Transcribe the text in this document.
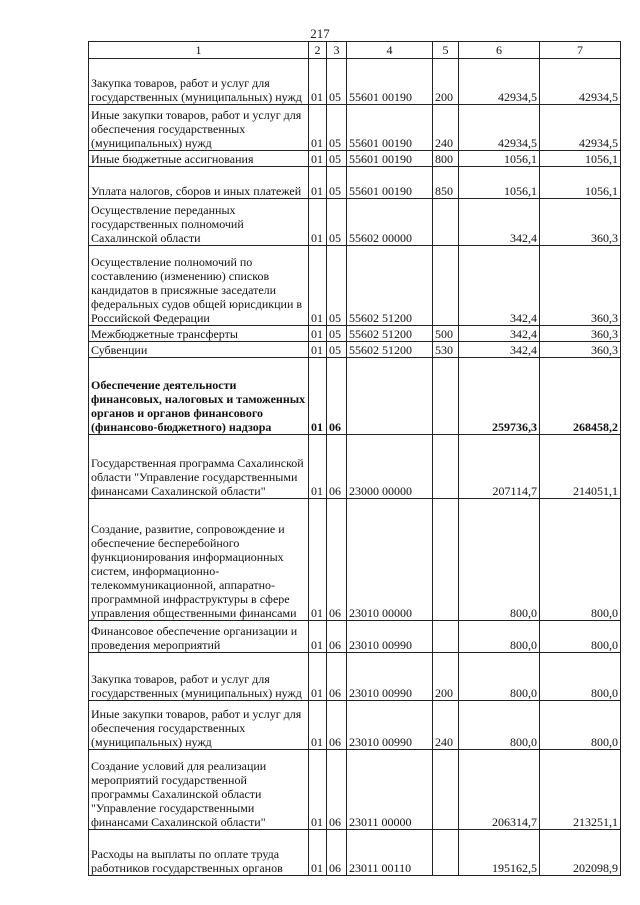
217
1	2	3	4	5	6	7
Закупка товаров, работ и услуг для государственных (муниципальных) нужд	01	05	55601 00190	200	42934,5	42934,5
Иные закупки товаров, работ и услуг для обеспечения государственных (муниципальных) нужд	01	05	55601 00190	240	42934,5	42934,5
Иные бюджетные ассигнования	01	05	55601 00190	800	1056,1	1056,1
Уплата налогов, сборов и иных платежей	01	05	55601 00190	850	1056,1	1056,1
Осуществление переданных государственных полномочий Сахалинской области	01	05	55602 00000		342,4	360,3
Осуществление полномочий по составлению (изменению) списков кандидатов в присяжные заседатели федеральных судов общей юрисдикции в Российской Федерации	01	05	55602 51200		342,4	360,3
Межбюджетные трансферты	01	05	55602 51200	500	342,4	360,3
Субвенции	01	05	55602 51200	530	342,4	360,3
Обеспечение деятельности финансовых, налоговых и таможенных органов и органов финансового (финансово-бюджетного) надзора	01	06			259736,3	268458,2
Государственная программа Сахалинской области "Управление государственными финансами Сахалинской области"	01	06	23000 00000		207114,7	214051,1
Создание, развитие, сопровождение и обеспечение бесперебойного функционирования информационных систем, информационно-телекоммуникационной, аппаратно-программной инфраструктуры в сфере управления общественными финансами	01	06	23010 00000		800,0	800,0
Финансовое обеспечение организации и проведения мероприятий	01	06	23010 00990		800,0	800,0
Закупка товаров, работ и услуг для государственных (муниципальных) нужд	01	06	23010 00990	200	800,0	800,0
Иные закупки товаров, работ и услуг для обеспечения государственных (муниципальных) нужд	01	06	23010 00990	240	800,0	800,0
Создание условий для реализации мероприятий государственной программы Сахалинской области "Управление государственными финансами Сахалинской области"	01	06	23011 00000		206314,7	213251,1
Расходы на выплаты по оплате труда работников государственных органов	01	06	23011 00110		195162,5	202098,9
